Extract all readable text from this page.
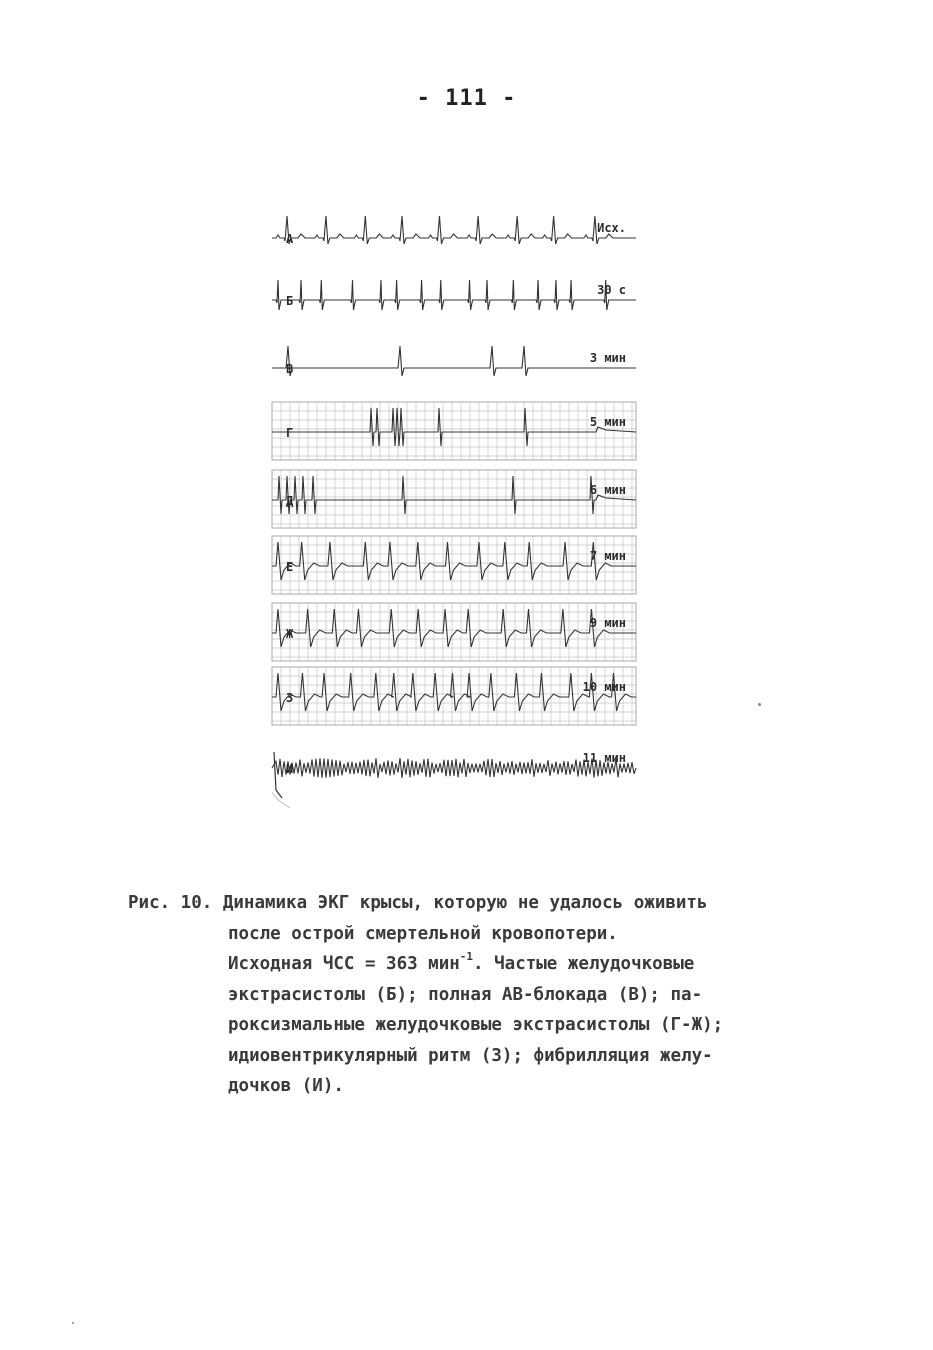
- 111 -
А
Исх.
Б
30 с
В
3 мин
Г
5 мин
Д
6 мин
Е
7 мин
Ж
9 мин
З
10 мин
И
11 мин
Рис. 10. Динамика ЭКГ крысы, которую не удалось оживить
после острой смертельной кровопотери.
Исходная ЧСС = 363 мин$^{-1}$. Частые желудочковые
экстрасистолы (Б); полная АВ-блокада (В); па-
роксизмальные желудочковые экстрасистолы (Г-Ж);
идиовентрикулярный ритм (З); фибрилляция желу-
дочков (И).
